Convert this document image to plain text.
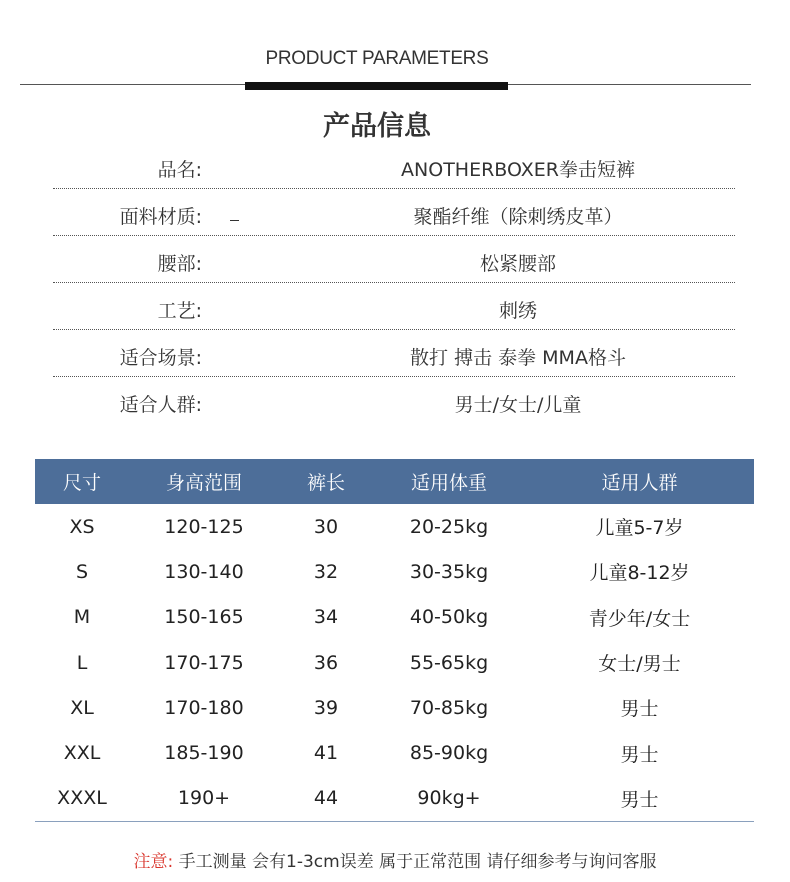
PRODUCT PARAMETERS
产品信息
品名:	ANOTHERBOXER拳击短裤
面料材质:	聚酯纤维（除刺绣皮革）
腰部:	松紧腰部
工艺:	刺绣
适合场景:	散打 搏击 泰拳 MMA格斗
适合人群:	男士/女士/儿童
尺寸	身高范围	裤长	适用体重	适用人群
XS	120-125	30	20-25kg	儿童5-7岁
S	130-140	32	30-35kg	儿童8-12岁
M	150-165	34	40-50kg	青少年/女士
L	170-175	36	55-65kg	女士/男士
XL	170-180	39	70-85kg	男士
XXL	185-190	41	85-90kg	男士
XXXL	190+	44	90kg+	男士
注意: 手工测量 会有1-3cm误差 属于正常范围 请仔细参考与询问客服
